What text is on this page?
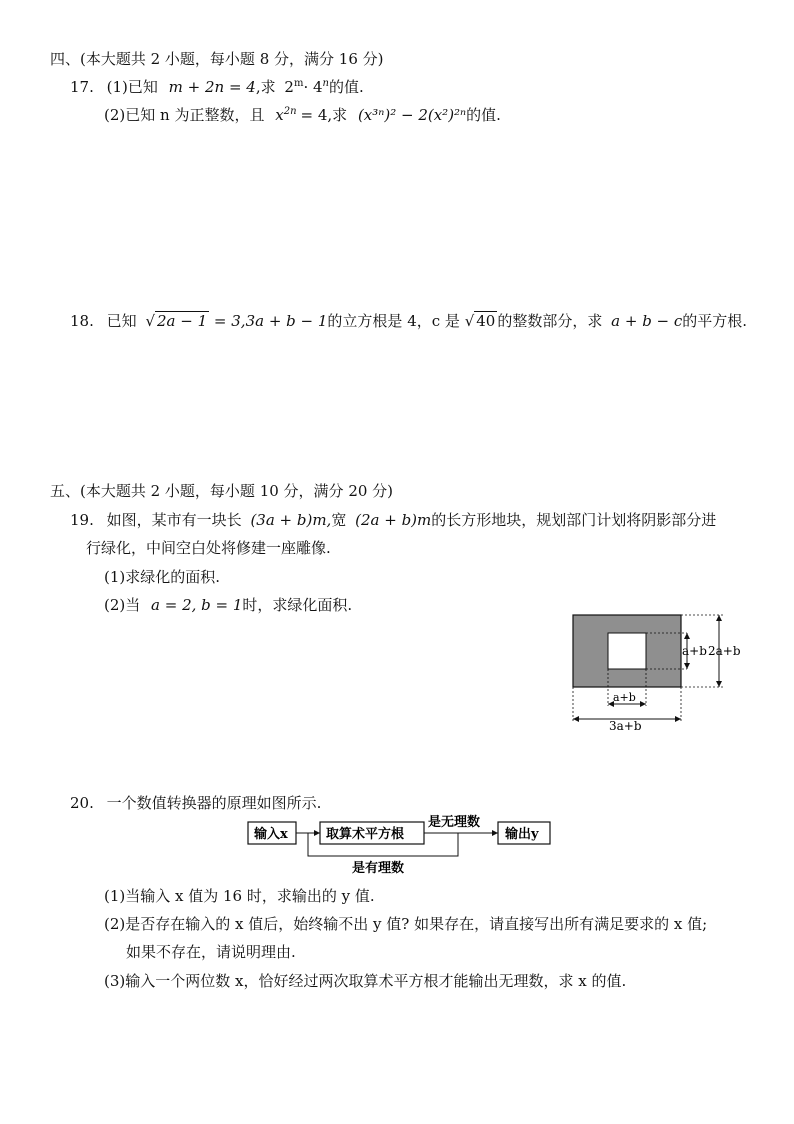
四、(本大题共 2 小题，每小题 8 分，满分 16 分)
17. (1)已知 m + 2n = 4,求 $2^m\cdot 4^n$的值.
(2)已知 n 为正整数，且 $x^{2n} = 4$,求 (x³ⁿ)² − 2(x²)²ⁿ的值.
18. 已知 √ 2a − 1 = 3,3a + b − 1的立方根是 4，c 是 √ 40 的整数部分，求 a + b − c的平方根.
五、(本大题共 2 小题，每小题 10 分，满分 20 分)
19. 如图，某市有一块长 (3a + b)m,宽 (2a + b)m的长方形地块，规划部门计划将阴影部分进
行绿化，中间空白处将修建一座雕像.
(1)求绿化的面积.
(2)当 a = 2, b = 1时，求绿化面积.
a+b 2a+b
a+b
3a+b
20. 一个数值转换器的原理如图所示.
输入x	取算术平方根	输出y
是无理数
是有理数
(1)当输入 x 值为 16 时，求输出的 y 值.
(2)是否存在输入的 x 值后，始终输不出 y 值? 如果存在，请直接写出所有满足要求的 x 值;
如果不存在，请说明理由.
(3)输入一个两位数 x，恰好经过两次取算术平方根才能输出无理数，求 x 的值.
